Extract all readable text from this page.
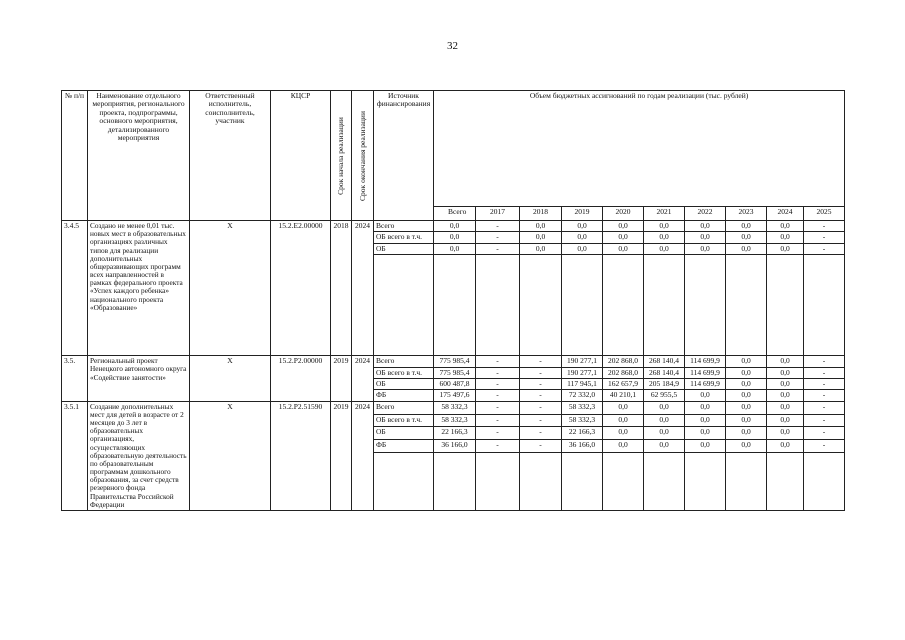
32
№ п/п	Наименование отдельного мероприятия, регионального проекта, подпрограммы, основного мероприятия, детализированного мероприятия	Ответственный исполнитель, соисполнитель, участник	КЦСР	Срок начала реализации	Срок окончания реализации	Источник финансирования	Объем бюджетных ассигнований по годам реализации (тыс. рублей)									
							Всего	2017	2018	2019	2020	2021	2022	2023	2024	2025
3.4.5	Создано не менее 0,01 тыс. новых мест в образовательных организациях различных типов для реализации дополнительных общеразвивающих программ всех направленностей в рамках федерального проекта «Успех каждого ребенка» национального проекта «Образование»	X	15.2.E2.00000	2018	2024	Всего	0,0	-	0,0	0,0	0,0	0,0	0,0	0,0	0,0	-
						ОБ всего в т.ч.	0,0	-	0,0	0,0	0,0	0,0	0,0	0,0	0,0	-
						ОБ	0,0	-	0,0	0,0	0,0	0,0	0,0	0,0	0,0	-

3.5.	Региональный проект Ненецкого автономного округа «Содействие занятости»	X	15.2.P2.00000	2019	2024	Всего	775 985,4	-	-	190 277,1	202 868,0	268 140,4	114 699,9	0,0	0,0	-
						ОБ всего в т.ч.	775 985,4	-	-	190 277,1	202 868,0	268 140,4	114 699,9	0,0	0,0	-
						ОБ	600 487,8	-	-	117 945,1	162 657,9	205 184,9	114 699,9	0,0	0,0	-
						ФБ	175 497,6	-	-	72 332,0	40 210,1	62 955,5	0,0	0,0	0,0	-
3.5.1	Создание дополнительных мест для детей в возрасте от 2 месяцев до 3 лет в образовательных организациях, осуществляющих образовательную деятельность по образовательным программам дошкольного образования, за счет средств резервного фонда Правительства Российской Федерации	X	15.2.P2.51590	2019	2024	Всего	58 332,3	-	-	58 332,3	0,0	0,0	0,0	0,0	0,0	-
						ОБ всего в т.ч.	58 332,3	-	-	58 332,3	0,0	0,0	0,0	0,0	0,0	-
						ОБ	22 166,3	-	-	22 166,3	0,0	0,0	0,0	0,0	0,0	-
						ФБ	36 166,0	-	-	36 166,0	0,0	0,0	0,0	0,0	0,0	-
